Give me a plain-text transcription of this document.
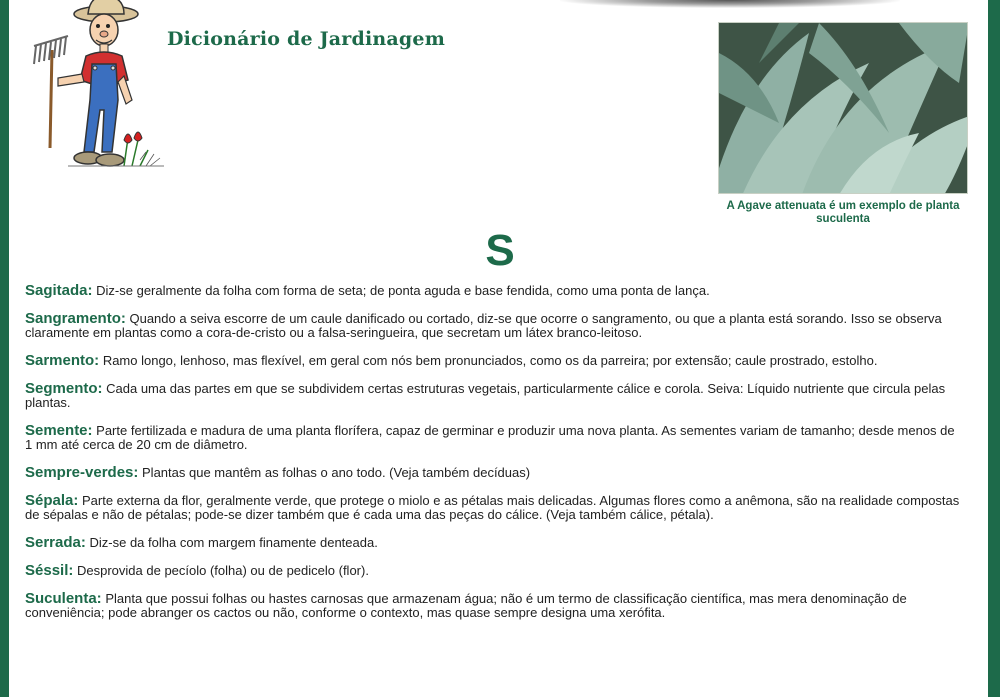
Dicionário de Jardinagem

A Agave attenuata é um exemplo de planta suculenta

S

Sagitada: Diz-se geralmente da folha com forma de seta; de ponta aguda e base fendida, como uma ponta de lança.

Sangramento: Quando a seiva escorre de um caule danificado ou cortado, diz-se que ocorre o sangramento, ou que a planta está sorando. Isso se observa claramente em plantas como a cora-de-cristo ou a falsa-seringueira, que secretam um látex branco-leitoso.

Sarmento: Ramo longo, lenhoso, mas flexível, em geral com nós bem pronunciados, como os da parreira; por extensão; caule prostrado, estolho.

Segmento: Cada uma das partes em que se subdividem certas estruturas vegetais, particularmente cálice e corola. Seiva: Líquido nutriente que circula pelas plantas.

Semente: Parte fertilizada e madura de uma planta florífera, capaz de germinar e produzir uma nova planta. As sementes variam de tamanho; desde menos de 1 mm até cerca de 20 cm de diâmetro.

Sempre-verdes: Plantas que mantêm as folhas o ano todo. (Veja também decíduas)

Sépala: Parte externa da flor, geralmente verde, que protege o miolo e as pétalas mais delicadas. Algumas flores como a anêmona, são na realidade compostas de sépalas e não de pétalas; pode-se dizer também que é cada uma das peças do cálice. (Veja também cálice, pétala).

Serrada: Diz-se da folha com margem finamente denteada.

Séssil: Desprovida de pecíolo (folha) ou de pedicelo (flor).

Suculenta: Planta que possui folhas ou hastes carnosas que armazenam água; não é um termo de classificação científica, mas mera denominação de conveniência; pode abranger os cactos ou não, conforme o contexto, mas quase sempre designa uma xerófita.
